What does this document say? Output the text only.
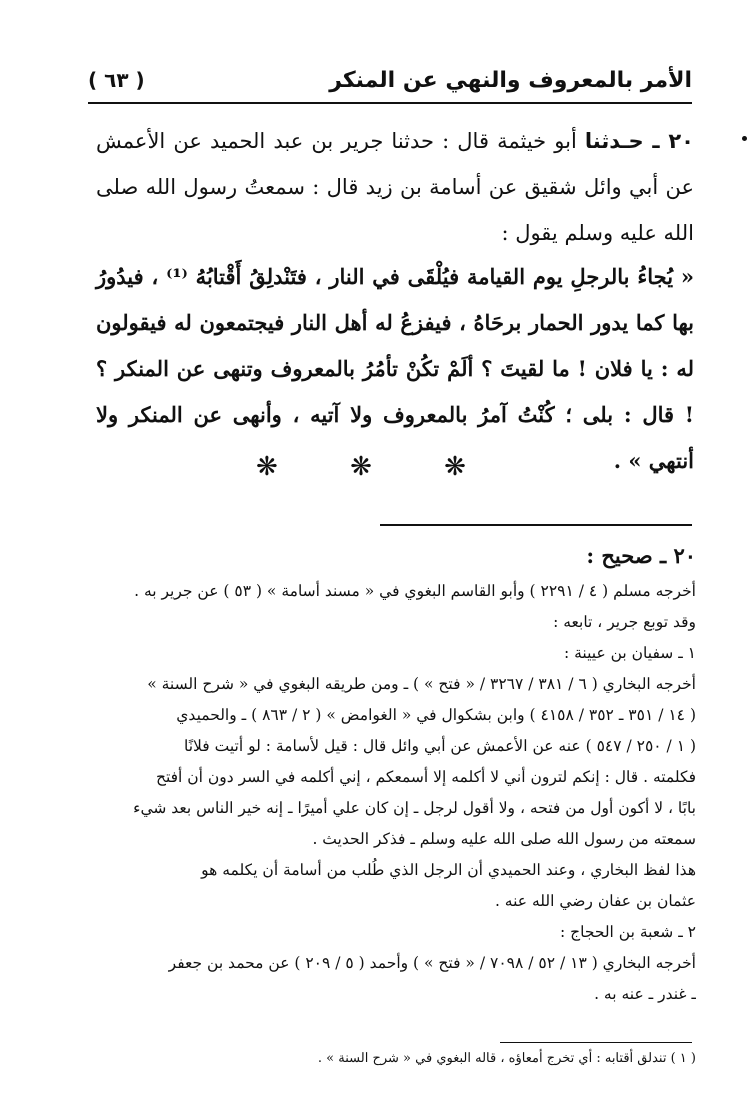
الأمر بالمعروف والنهي عن المنكر
( ٦٣ )

٢٠ ـ حـدثنا أبو خيثمة قال : حدثنا جرير بن عبد الحميد عن الأعمش عن أبي وائل شقيق عن أسامة بن زيد قال : سمعتُ رسول الله صلى الله عليه وسلم يقول :

« يُجاءُ بالرجلِ يوم القيامة فيُلْقَى في النار ، فتَنْدلِقُ أَقْتابُهُ ⁽¹⁾ ، فيدُورُ بها كما يدور الحمار برحَاهُ ، فيفزعُ له أهل النار فيجتمعون له فيقولون له : يا فلان ! ما لقيتَ ؟ ألَمْ تكُنْ تأمُرُ بالمعروف وتنهى عن المنكر ؟ ! قال : بلى ؛ كُنْتُ آمرُ بالمعروف ولا آتيه ، وأنهى عن المنكر ولا أنتهي » .

❋ ❋ ❋

٢٠ ـ صحيح :

أخرجه مسلم ( ٤ / ٢٢٩١ ) وأبو القاسم البغوي في « مسند أسامة » ( ٥٣ ) عن جرير به .

وقد توبع جرير ، تابعه :

١ ـ سفيان بن عيينة :

أخرجه البخاري ( ٦ / ٣٨١ / ٣٢٦٧ / « فتح » ) ـ ومن طريقه البغوي في « شرح السنة »

( ١٤ / ٣٥١ ـ ٣٥٢ / ٤١٥٨ ) وابن بشكوال في « الغوامض » ( ٢ / ٨٦٣ ) ـ والحميدي

( ١ / ٢٥٠ / ٥٤٧ ) عنه عن الأعمش عن أبي وائل قال : قيل لأسامة : لو أتيت فلانًا

فكلمته . قال : إنكم لترون أني لا أكلمه إلا أسمعكم ، إني أكلمه في السر دون أن أفتح

بابًا ، لا أكون أول من فتحه ، ولا أقول لرجل ـ إن كان علي أميرًا ـ إنه خير الناس بعد شيء

سمعته من رسول الله صلى الله عليه وسلم ـ فذكر الحديث .

هذا لفظ البخاري ، وعند الحميدي أن الرجل الذي طُلب من أسامة أن يكلمه هو

عثمان بن عفان رضي الله عنه .

٢ ـ شعبة بن الحجاج :

أخرجه البخاري ( ١٣ / ٥٢ / ٧٠٩٨ / « فتح » ) وأحمد ( ٥ / ٢٠٩ ) عن محمد بن جعفر

ـ غندر ـ عنه به .

( ١ ) تندلق أقتابه : أي تخرج أمعاؤه ، قاله البغوي في « شرح السنة » .
